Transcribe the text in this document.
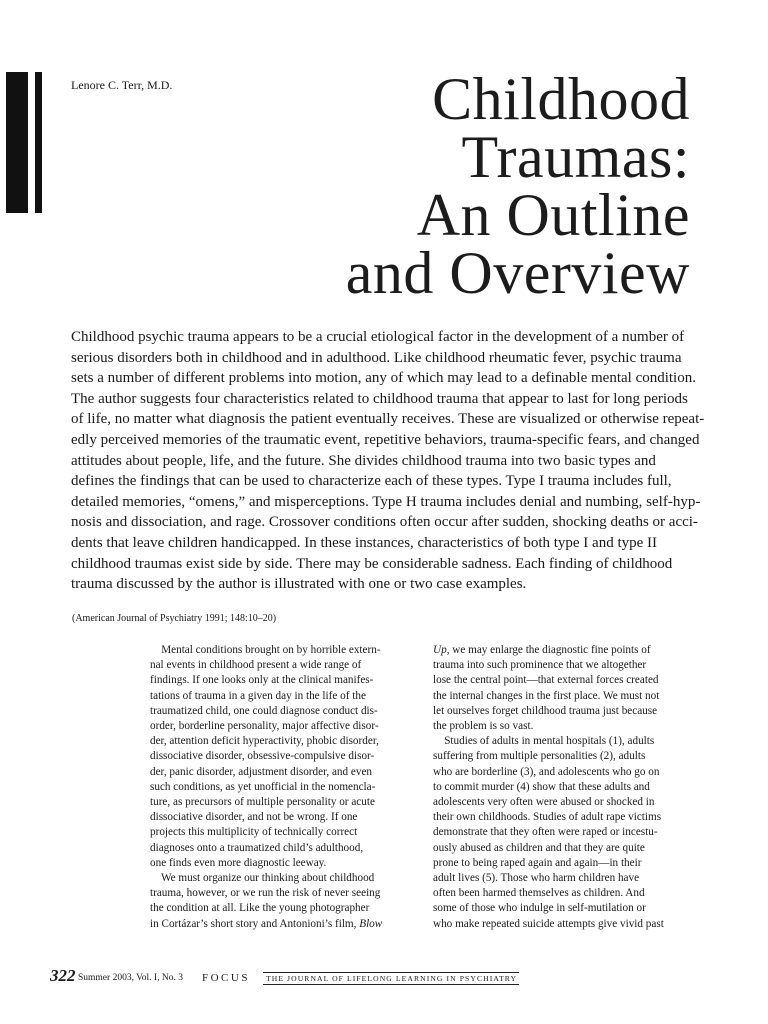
Lenore C. Terr, M.D.	Childhood
Traumas:
An Outline
and Overview
Childhood psychic trauma appears to be a crucial etiological factor in the development of a number of
serious disorders both in childhood and in adulthood. Like childhood rheumatic fever, psychic trauma
sets a number of different problems into motion, any of which may lead to a definable mental condition.
The author suggests four characteristics related to childhood trauma that appear to last for long periods
of life, no matter what diagnosis the patient eventually receives. These are visualized or otherwise repeat-
edly perceived memories of the traumatic event, repetitive behaviors, trauma-specific fears, and changed
attitudes about people, life, and the future. She divides childhood trauma into two basic types and
defines the findings that can be used to characterize each of these types. Type I trauma includes full,
detailed memories, “omens,” and misperceptions. Type H trauma includes denial and numbing, self-hyp-
nosis and dissociation, and rage. Crossover conditions often occur after sudden, shocking deaths or acci-
dents that leave children handicapped. In these instances, characteristics of both type I and type II
childhood traumas exist side by side. There may be considerable sadness. Each finding of childhood
trauma discussed by the author is illustrated with one or two case examples.
(American Journal of Psychiatry 1991; 148:10–20)
Mental conditions brought on by horrible extern-
nal events in childhood present a wide range of
findings. If one looks only at the clinical manifes-
tations of trauma in a given day in the life of the
traumatized child, one could diagnose conduct dis-
order, borderline personality, major affective disor-
der, attention deficit hyperactivity, phobic disorder,
dissociative disorder, obsessive-compulsive disor-
der, panic disorder, adjustment disorder, and even
such conditions, as yet unofficial in the nomencla-
ture, as precursors of multiple personality or acute
dissociative disorder, and not be wrong. If one
projects this multiplicity of technically correct
diagnoses onto a traumatized child’s adulthood,
one finds even more diagnostic leeway.
We must organize our thinking about childhood
trauma, however, or we run the risk of never seeing
the condition at all. Like the young photographer
in Cortázar’s short story and Antonioni’s film, Blow
Up, we may enlarge the diagnostic fine points of
trauma into such prominence that we altogether
lose the central point—that external forces created
the internal changes in the first place. We must not
let ourselves forget childhood trauma just because
the problem is so vast.
Studies of adults in mental hospitals (1), adults
suffering from multiple personalities (2), adults
who are borderline (3), and adolescents who go on
to commit murder (4) show that these adults and
adolescents very often were abused or shocked in
their own childhoods. Studies of adult rape victims
demonstrate that they often were raped or incestu-
ously abused as children and that they are quite
prone to being raped again and again—in their
adult lives (5). Those who harm children have
often been harmed themselves as children. And
some of those who indulge in self-mutilation or
who make repeated suicide attempts give vivid past
322 Summer 2003, Vol. I, No. 3 FOCUS	THE JOURNAL OF LIFELONG LEARNING IN PSYCHIATRY
